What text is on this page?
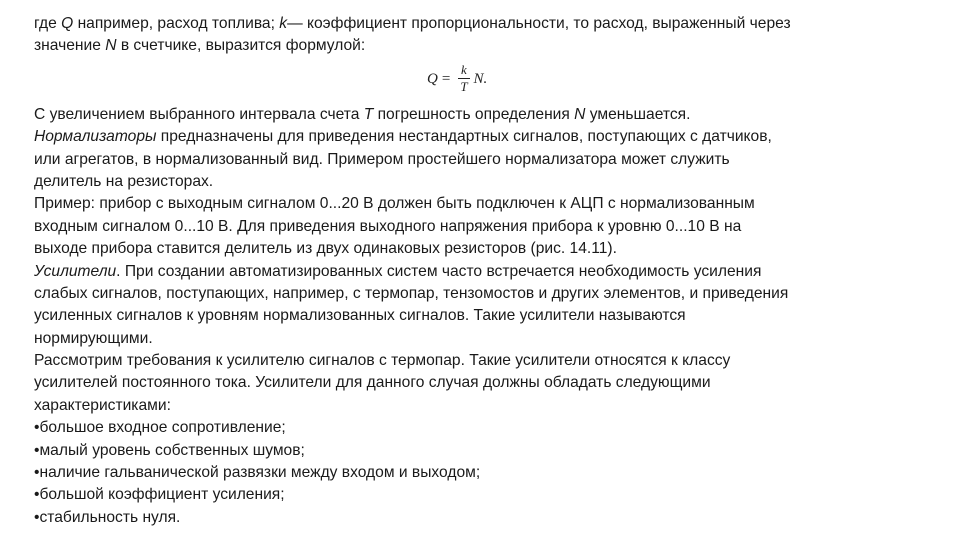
где Q например, расход топлива; k— коэффициент пропорциональности, то расход, выраженный через
значение N в счетчике, выразится формулой:
$Q = \frac{k}{T} N$.
С увеличением выбранного интервала счета T погрешность определения N уменьшается.
Нормализаторы предназначены для приведения нестандартных сигналов, поступающих с датчиков,
или агрегатов, в нормализованный вид. Примером простейшего нормализатора может служить
делитель на резисторах.
Пример: прибор с выходным сигналом 0...20 В должен быть подключен к АЦП с нормализованным
входным сигналом 0...10 В. Для приведения выходного напряжения прибора к уровню 0...10 В на
выходе прибора ставится делитель из двух одинаковых резисторов (рис. 14.11).
Усилители. При создании автоматизированных систем часто встречается необходимость усиления
слабых сигналов, поступающих, например, с термопар, тензомостов и других элементов, и приведения
усиленных сигналов к уровням нормализованных сигналов. Такие усилители называются
нормирующими.
Рассмотрим требования к усилителю сигналов с термопар. Такие усилители относятся к классу
усилителей постоянного тока. Усилители для данного случая должны обладать следующими
характеристиками:
•большое входное сопротивление;
•малый уровень собственных шумов;
•наличие гальванической развязки между входом и выходом;
•большой коэффициент усиления;
•стабильность нуля.
